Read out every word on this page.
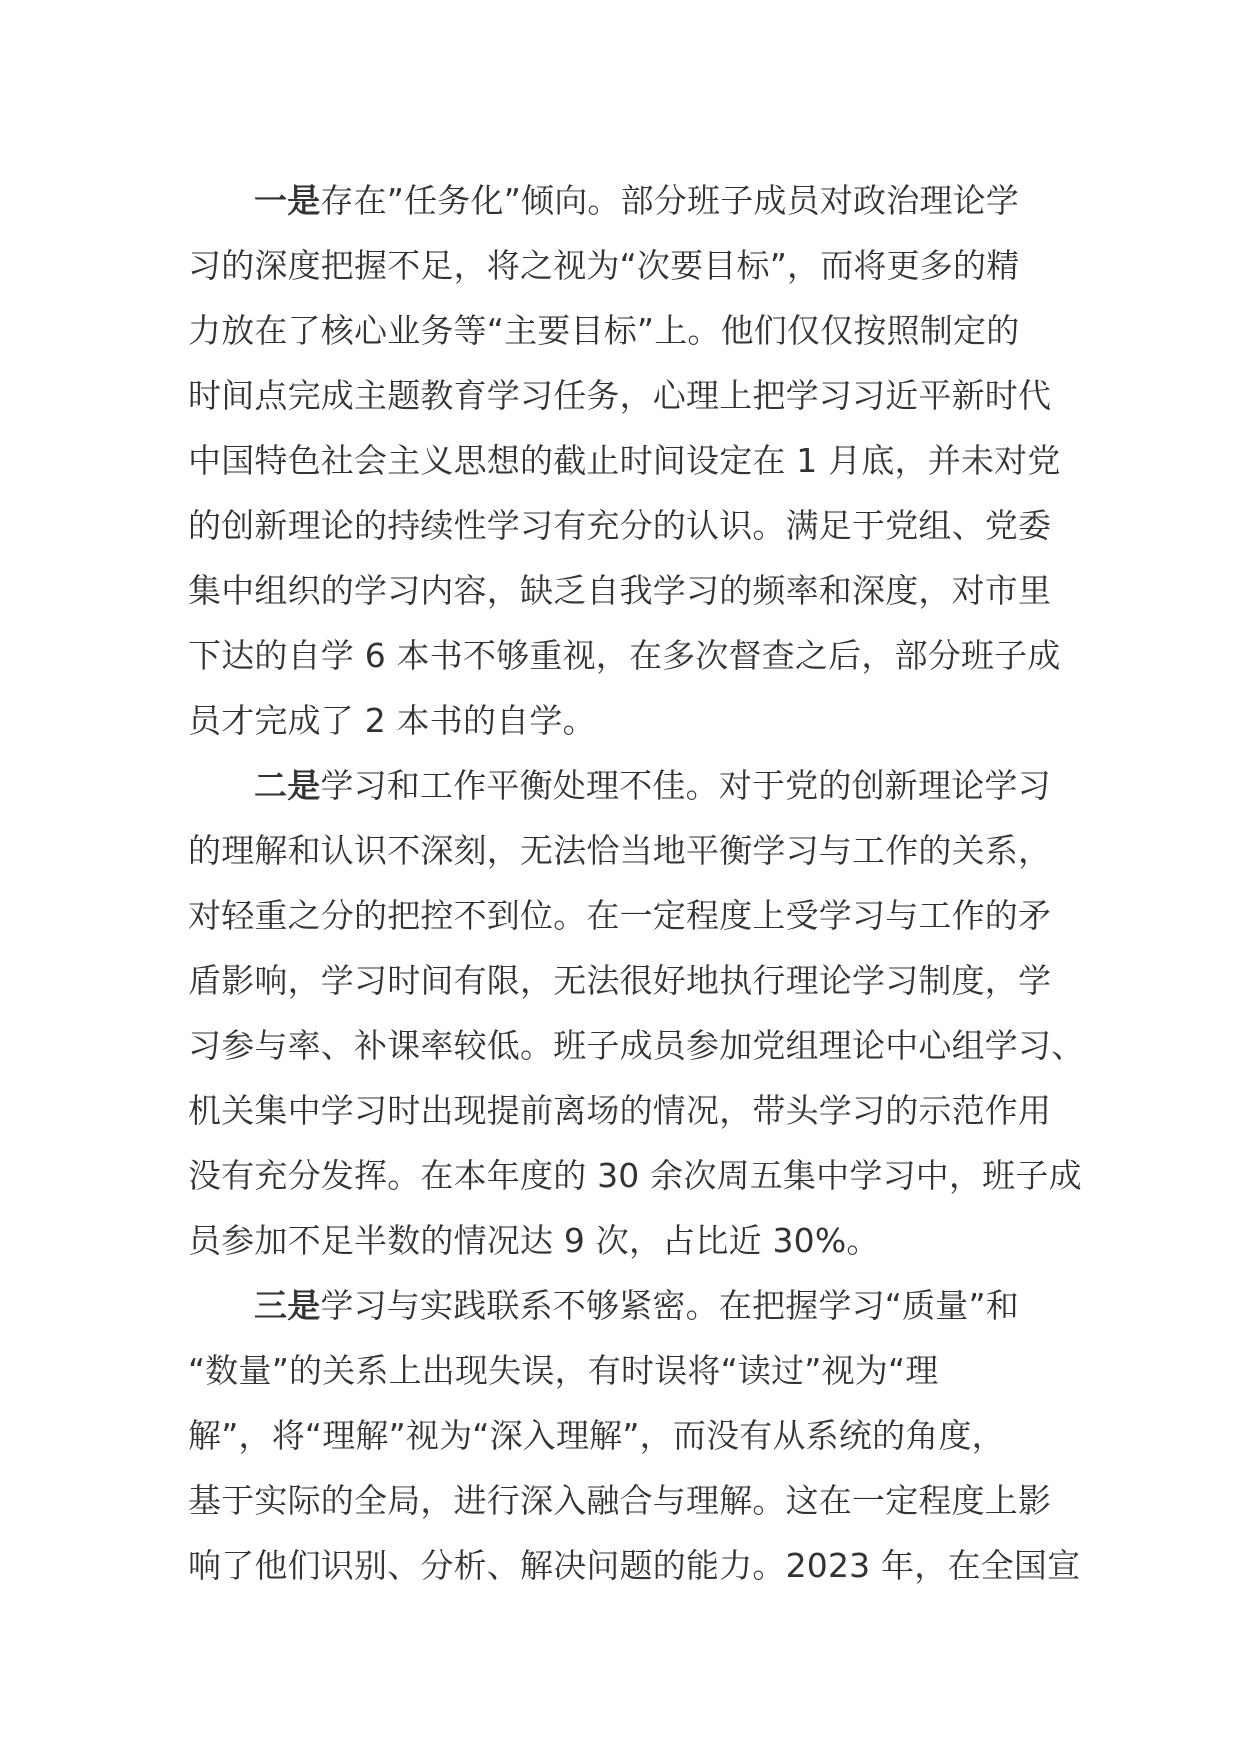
一是存在”任务化”倾向。部分班子成员对政治理论学
习的深度把握不足，将之视为“次要目标”，而将更多的精
力放在了核心业务等“主要目标”上。他们仅仅按照制定的
时间点完成主题教育学习任务，心理上把学习习近平新时代
中国特色社会主义思想的截止时间设定在 1 月底，并未对党
的创新理论的持续性学习有充分的认识。满足于党组、党委
集中组织的学习内容，缺乏自我学习的频率和深度，对市里
下达的自学 6 本书不够重视，在多次督查之后，部分班子成
员才完成了 2 本书的自学。
二是学习和工作平衡处理不佳。对于党的创新理论学习
的理解和认识不深刻，无法恰当地平衡学习与工作的关系，
对轻重之分的把控不到位。在一定程度上受学习与工作的矛
盾影响，学习时间有限，无法很好地执行理论学习制度，学
习参与率、补课率较低。班子成员参加党组理论中心组学习、
机关集中学习时出现提前离场的情况，带头学习的示范作用
没有充分发挥。在本年度的 30 余次周五集中学习中，班子成
员参加不足半数的情况达 9 次，占比近 30%。
三是学习与实践联系不够紧密。在把握学习“质量”和
“数量”的关系上出现失误，有时误将“读过”视为“理
解”，将“理解”视为“深入理解”，而没有从系统的角度，
基于实际的全局，进行深入融合与理解。这在一定程度上影
响了他们识别、分析、解决问题的能力。2023 年，在全国宣
